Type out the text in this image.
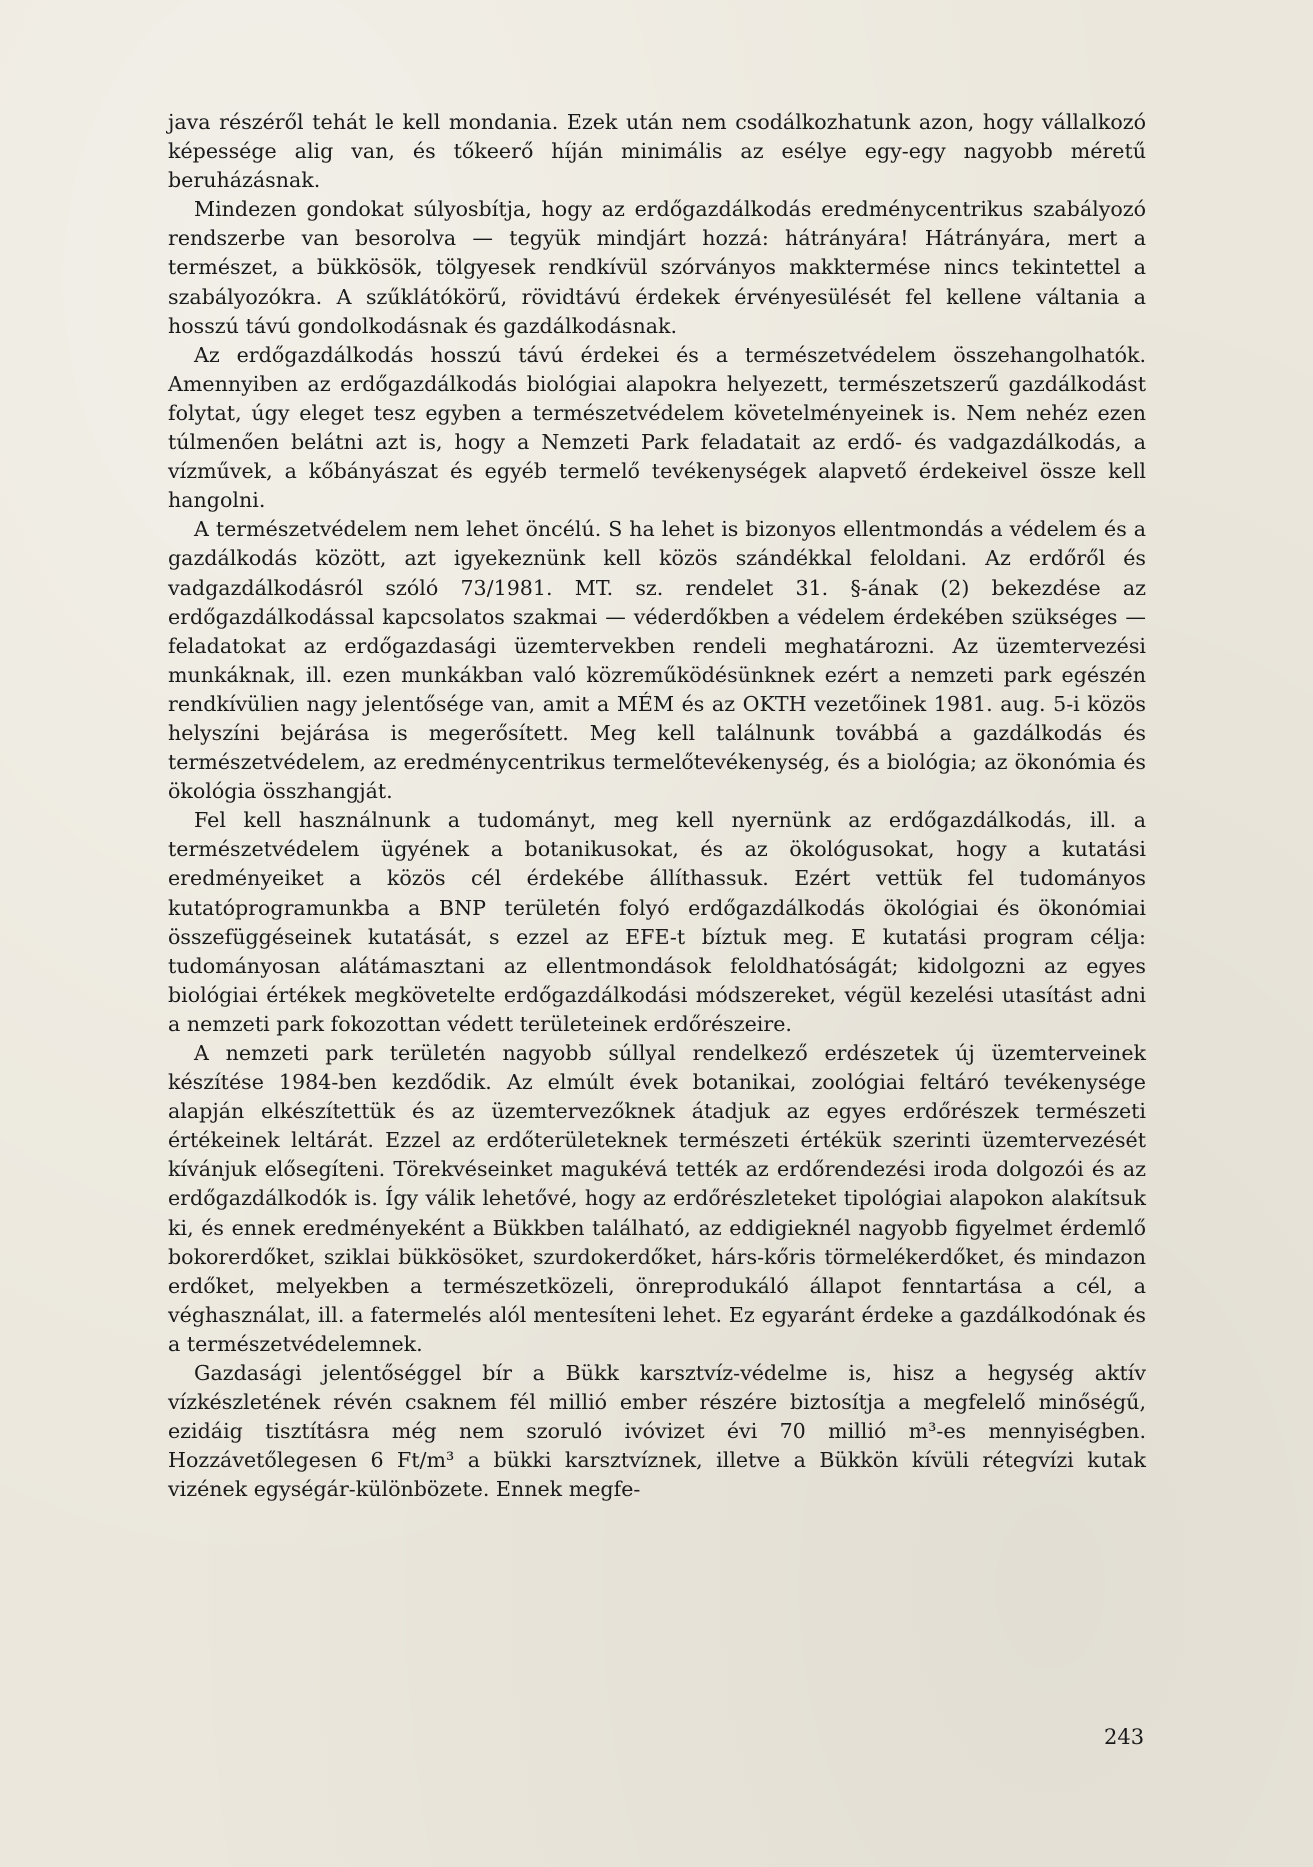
java részéről tehát le kell mondania. Ezek után nem csodálkozhatunk azon, hogy vállalkozó képessége alig van, és tőkeerő híján minimális az esélye egy-egy nagyobb méretű beruházásnak.

Mindezen gondokat súlyosbítja, hogy az erdőgazdálkodás eredménycentrikus szabályozó rendszerbe van besorolva — tegyük mindjárt hozzá: hátrányára! Hátrányára, mert a természet, a bükkösök, tölgyesek rendkívül szórványos makktermése nincs tekintettel a szabályozókra. A szűklátókörű, rövidtávú érdekek érvényesülését fel kellene váltania a hosszú távú gondolkodásnak és gazdálkodásnak.

Az erdőgazdálkodás hosszú távú érdekei és a természetvédelem összehangolhatók. Amennyiben az erdőgazdálkodás biológiai alapokra helyezett, természetszerű gazdálkodást folytat, úgy eleget tesz egyben a természetvédelem követelményeinek is. Nem nehéz ezen túlmenően belátni azt is, hogy a Nemzeti Park feladatait az erdő- és vadgazdálkodás, a vízművek, a kőbányászat és egyéb termelő tevékenységek alapvető érdekeivel össze kell hangolni.

A természetvédelem nem lehet öncélú. S ha lehet is bizonyos ellentmondás a védelem és a gazdálkodás között, azt igyekeznünk kell közös szándékkal feloldani. Az erdőről és vadgazdálkodásról szóló 73/1981. MT. sz. rendelet 31. §-ának (2) bekezdése az erdőgazdálkodással kapcsolatos szakmai — véderdőkben a védelem érdekében szükséges — feladatokat az erdőgazdasági üzemtervekben rendeli meghatározni. Az üzemtervezési munkáknak, ill. ezen munkákban való közreműködésünknek ezért a nemzeti park egészén rendkívülien nagy jelentősége van, amit a MÉM és az OKTH vezetőinek 1981. aug. 5-i közös helyszíni bejárása is megerősített. Meg kell találnunk továbbá a gazdálkodás és természetvédelem, az eredménycentrikus termelőtevékenység, és a biológia; az ökonómia és ökológia összhangját.

Fel kell használnunk a tudományt, meg kell nyernünk az erdőgazdálkodás, ill. a természetvédelem ügyének a botanikusokat, és az ökológusokat, hogy a kutatási eredményeiket a közös cél érdekébe állíthassuk. Ezért vettük fel tudományos kutatóprogramunkba a BNP területén folyó erdőgazdálkodás ökológiai és ökonómiai összefüggéseinek kutatását, s ezzel az EFE-t bíztuk meg. E kutatási program célja: tudományosan alátámasztani az ellentmondások feloldhatóságát; kidolgozni az egyes biológiai értékek megkövetelte erdőgazdálkodási módszereket, végül kezelési utasítást adni a nemzeti park fokozottan védett területeinek erdőrészeire.

A nemzeti park területén nagyobb súllyal rendelkező erdészetek új üzemterveinek készítése 1984-ben kezdődik. Az elmúlt évek botanikai, zoológiai feltáró tevékenysége alapján elkészítettük és az üzemtervezőknek átadjuk az egyes erdőrészek természeti értékeinek leltárát. Ezzel az erdőterületeknek természeti értékük szerinti üzemtervezését kívánjuk elősegíteni. Törekvéseinket magukévá tették az erdőrendezési iroda dolgozói és az erdőgazdálkodók is. Így válik lehetővé, hogy az erdőrészleteket tipológiai alapokon alakítsuk ki, és ennek eredményeként a Bükkben található, az eddigieknél nagyobb figyelmet érdemlő bokorerdőket, sziklai bükkösöket, szurdokerdőket, hárs-kőris törmelékerdőket, és mindazon erdőket, melyekben a természetközeli, önreprodukáló állapot fenntartása a cél, a véghasználat, ill. a fatermelés alól mentesíteni lehet. Ez egyaránt érdeke a gazdálkodónak és a természetvédelemnek.

Gazdasági jelentőséggel bír a Bükk karsztvíz-védelme is, hisz a hegység aktív vízkészletének révén csaknem fél millió ember részére biztosítja a megfelelő minőségű, ezidáig tisztításra még nem szoruló ivóvizet évi 70 millió m³-es mennyiségben. Hozzávetőlegesen 6 Ft/m³ a bükki karsztvíznek, illetve a Bükkön kívüli rétegvízi kutak vizének egységár-különbözete. Ennek megfe-

243
